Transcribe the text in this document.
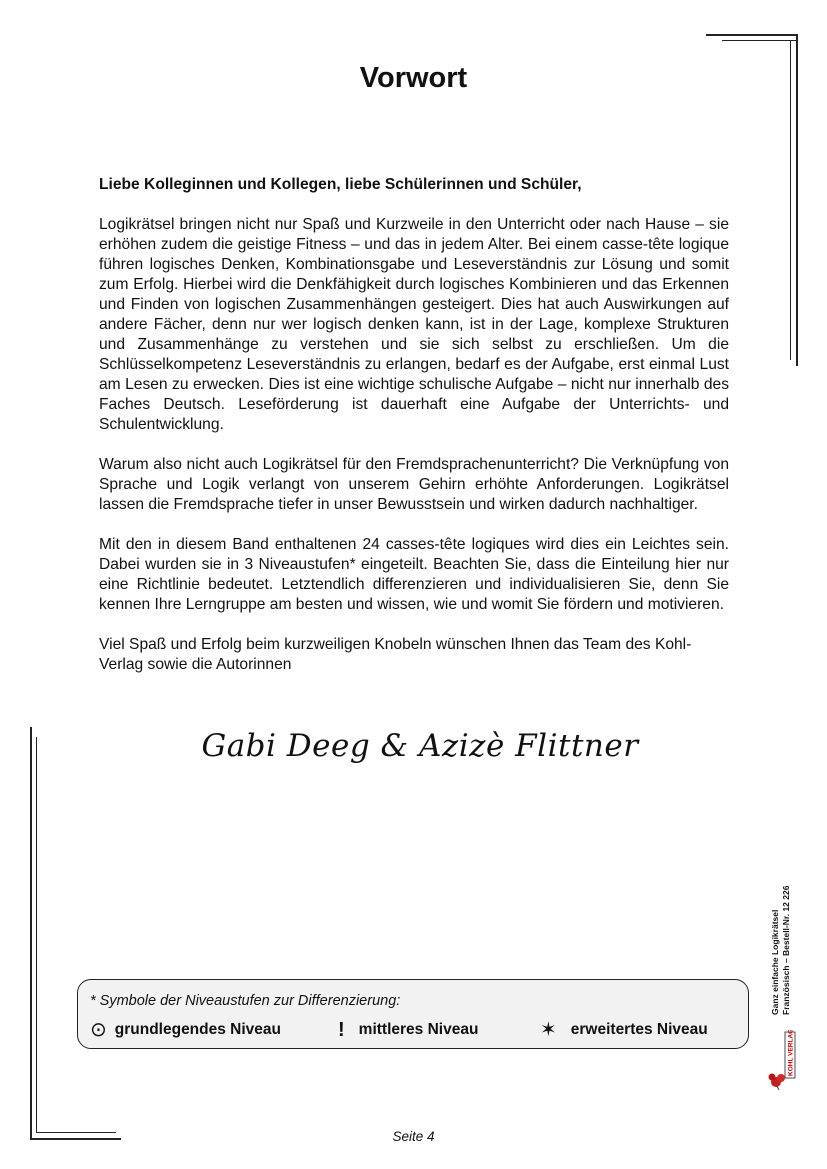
Vorwort

Liebe Kolleginnen und Kollegen, liebe Schülerinnen und Schüler,

Logikrätsel bringen nicht nur Spaß und Kurzweile in den Unterricht oder nach Hause – sie erhöhen zudem die geistige Fitness – und das in jedem Alter. Bei einem casse-tête logique führen logisches Denken, Kombinationsgabe und Leseverständnis zur Lösung und somit zum Erfolg. Hierbei wird die Denkfähigkeit durch logisches Kombinieren und das Erkennen und Finden von logischen Zusammenhängen gesteigert. Dies hat auch Auswirkungen auf andere Fächer, denn nur wer logisch denken kann, ist in der Lage, komplexe Strukturen und Zusammenhänge zu verstehen und sie sich selbst zu erschließen. Um die Schlüsselkompetenz Leseverständnis zu erlangen, bedarf es der Aufgabe, erst einmal Lust am Lesen zu erwecken. Dies ist eine wichtige schulische Aufgabe – nicht nur innerhalb des Faches Deutsch. Leseförderung ist dauerhaft eine Aufgabe der Unterrichts- und Schulentwicklung.

Warum also nicht auch Logikrätsel für den Fremdsprachenunterricht? Die Verknüpfung von Sprache und Logik verlangt von unserem Gehirn erhöhte Anforderungen. Logikrätsel lassen die Fremdsprache tiefer in unser Bewusstsein und wirken dadurch nachhaltiger.

Mit den in diesem Band enthaltenen 24 casses-tête logiques wird dies ein Leichtes sein. Dabei wurden sie in 3 Niveaustufen* eingeteilt. Beachten Sie, dass die Einteilung hier nur eine Richtlinie bedeutet. Letztendlich differenzieren und individualisieren Sie, denn Sie kennen Ihre Lerngruppe am besten und wissen, wie und womit Sie fördern und motivieren.

Viel Spaß und Erfolg beim kurzweiligen Knobeln wünschen Ihnen das Team des Kohl-Verlag sowie die Autorinnen

Gabi Deeg & Azizè Flittner
* Symbole der Niveaustufen zur Differenzierung:
⊙ grundlegendes Niveau	! mittleres Niveau	✶ erweitertes Niveau
Ganz einfache Logikrätsel Französisch – Bestell-Nr. 12 226
KOHL VERLAG
Seite 4
